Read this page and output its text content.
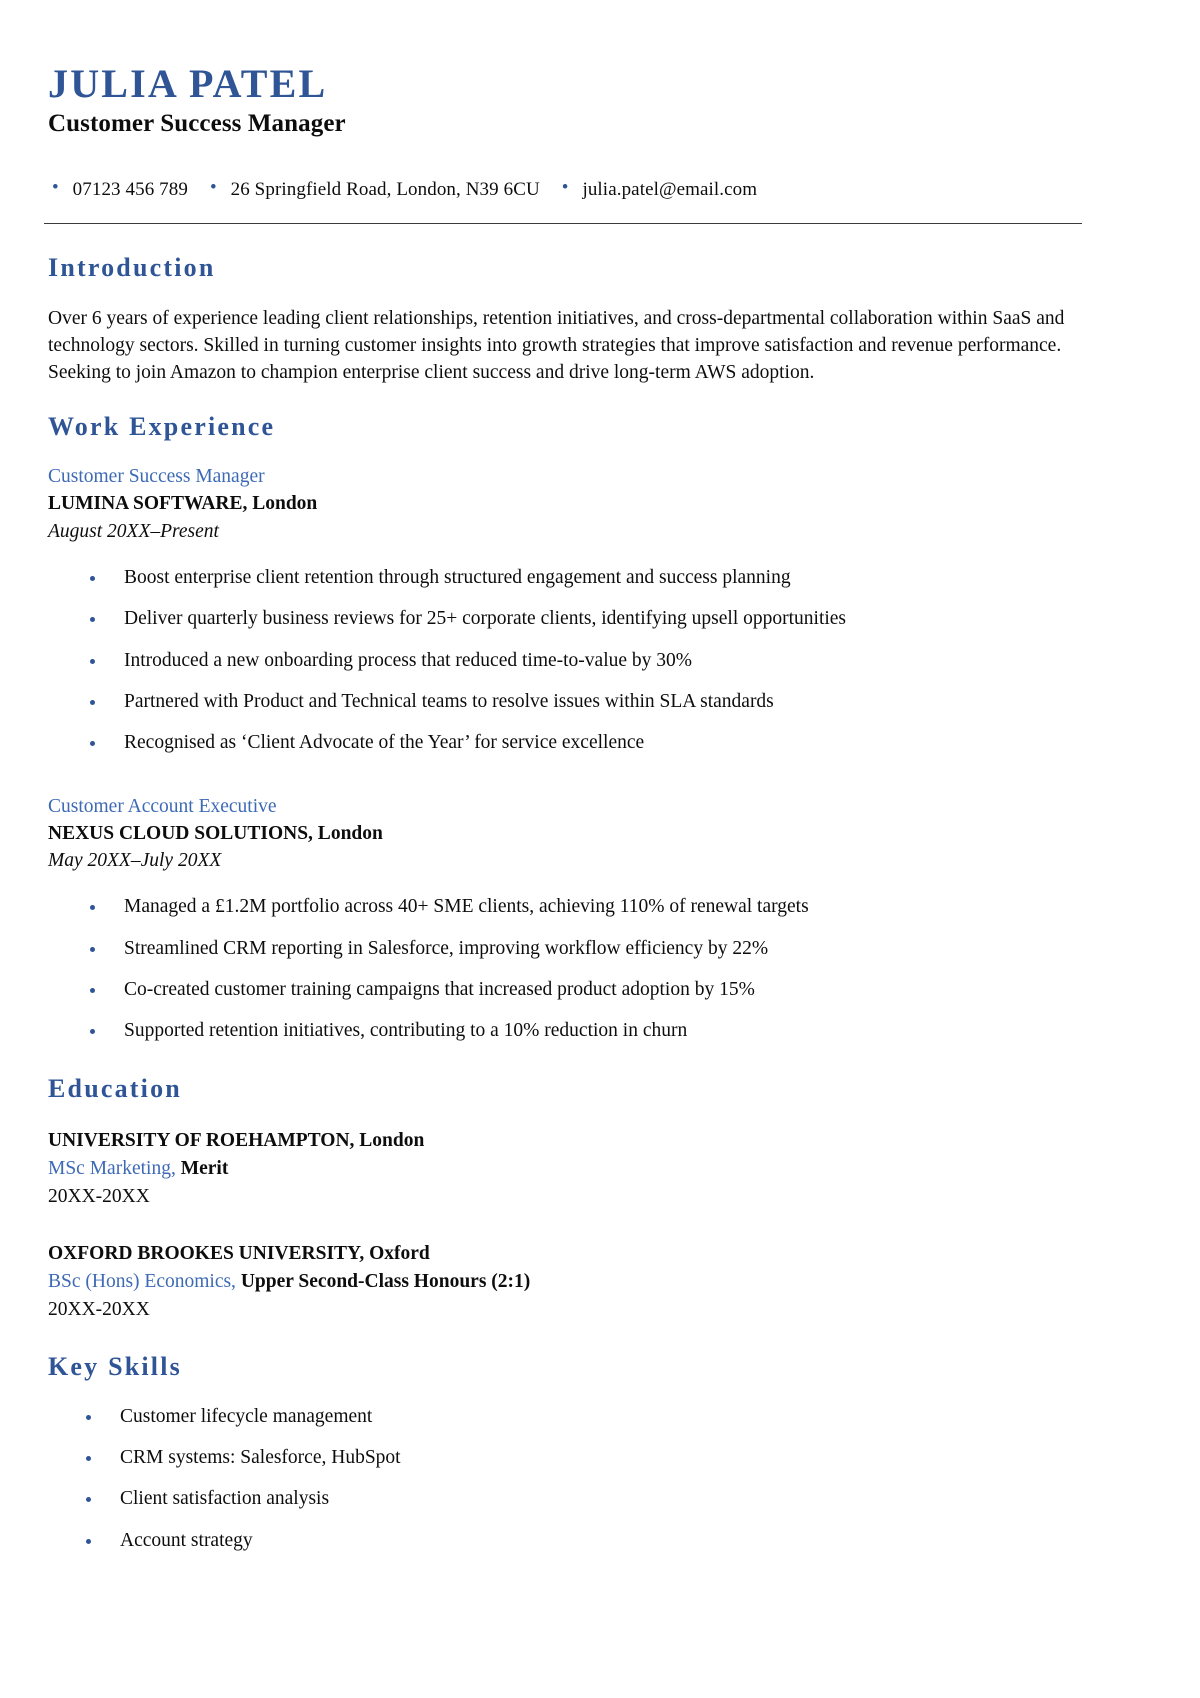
JULIA PATEL
Customer Success Manager
• 07123 456 789 • 26 Springfield Road, London, N39 6CU • julia.patel@email.com
Introduction

Over 6 years of experience leading client relationships, retention initiatives, and cross-departmental collaboration within SaaS and technology sectors. Skilled in turning customer insights into growth strategies that improve satisfaction and revenue performance. Seeking to join Amazon to champion enterprise client success and drive long-term AWS adoption.

Work Experience
Customer Success Manager
LUMINA SOFTWARE, London
August 20XX–Present
Boost enterprise client retention through structured engagement and success planning
Deliver quarterly business reviews for 25+ corporate clients, identifying upsell opportunities
Introduced a new onboarding process that reduced time-to-value by 30%
Partnered with Product and Technical teams to resolve issues within SLA standards
Recognised as ‘Client Advocate of the Year’ for service excellence
Customer Account Executive
NEXUS CLOUD SOLUTIONS, London
May 20XX–July 20XX
Managed a £1.2M portfolio across 40+ SME clients, achieving 110% of renewal targets
Streamlined CRM reporting in Salesforce, improving workflow efficiency by 22%
Co-created customer training campaigns that increased product adoption by 15%
Supported retention initiatives, contributing to a 10% reduction in churn
Education
UNIVERSITY OF ROEHAMPTON, London
MSc Marketing, Merit
20XX-20XX
OXFORD BROOKES UNIVERSITY, Oxford
BSc (Hons) Economics, Upper Second-Class Honours (2:1)
20XX-20XX
Key Skills
Customer lifecycle management
CRM systems: Salesforce, HubSpot
Client satisfaction analysis
Account strategy
